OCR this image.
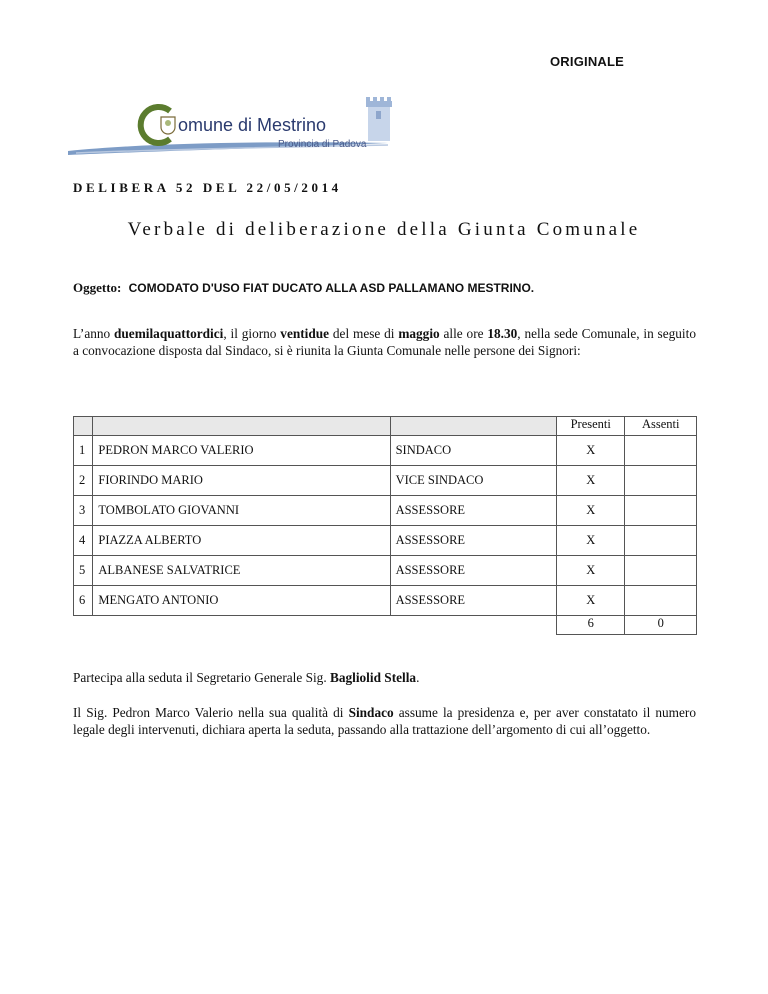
ORIGINALE
omune di Mestrino
Provincia di Padova
DELIBERA 52 DEL 22/05/2014
Verbale di deliberazione della Giunta Comunale
Oggetto: COMODATO D'USO FIAT DUCATO ALLA ASD PALLAMANO MESTRINO.
L’anno duemilaquattordici, il giorno ventidue del mese di maggio alle ore 18.30, nella sede Comunale, in seguito a convocazione disposta dal Sindaco, si è riunita la Giunta Comunale nelle persone dei Signori:
			Presenti	Assenti
1	PEDRON MARCO VALERIO	SINDACO	X	
2	FIORINDO MARIO	VICE SINDACO	X	
3	TOMBOLATO GIOVANNI	ASSESSORE	X	
4	PIAZZA ALBERTO	ASSESSORE	X	
5	ALBANESE SALVATRICE	ASSESSORE	X	
6	MENGATO ANTONIO	ASSESSORE	X	
			6	0
Partecipa alla seduta il Segretario Generale Sig. Bagliolid Stella.
Il Sig. Pedron Marco Valerio nella sua qualità di Sindaco assume la presidenza e, per aver constatato il numero legale degli intervenuti, dichiara aperta la seduta, passando alla trattazione dell’argomento di cui all’oggetto.
